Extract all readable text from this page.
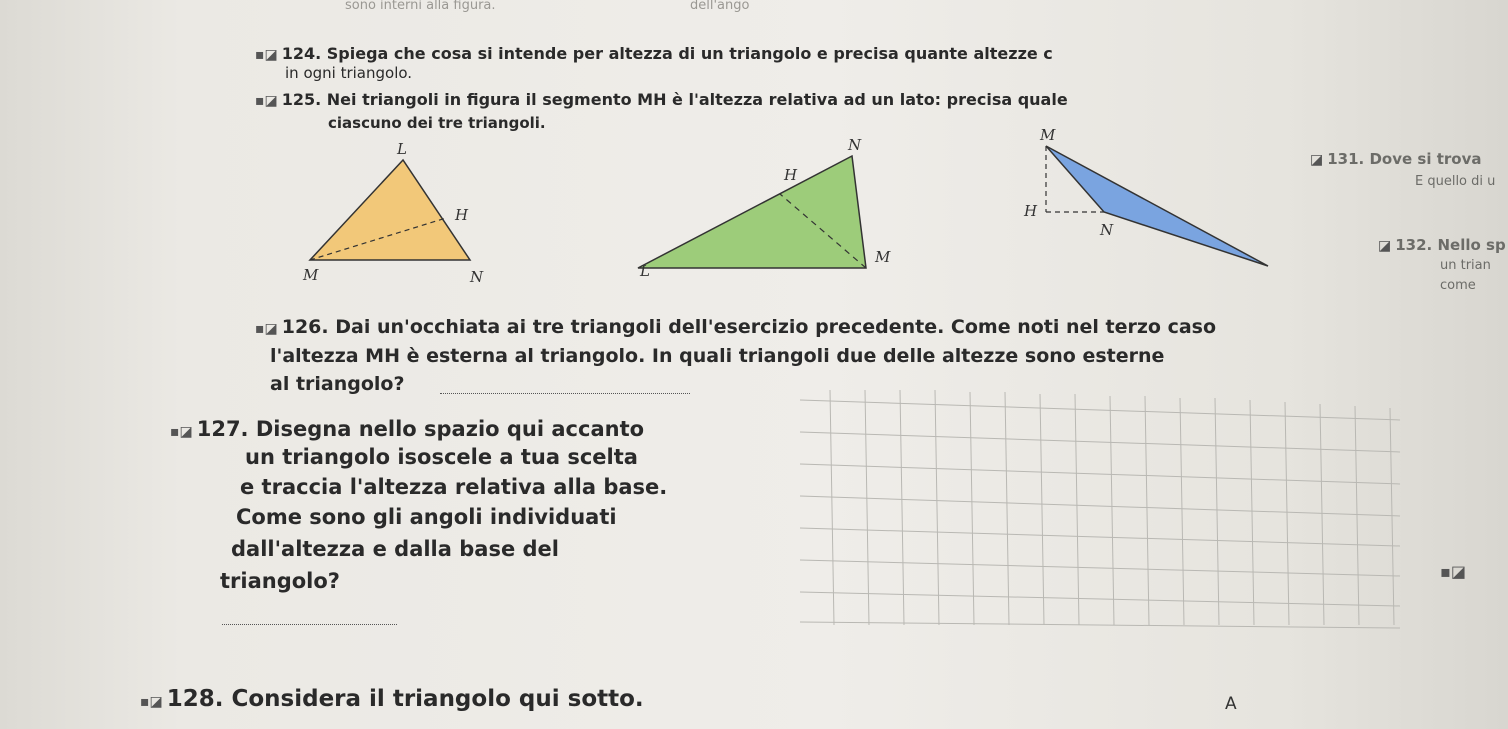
sono interni alla figura.	dell'ango
▪◪ 124. Spiega che cosa si intende per altezza di un triangolo e precisa quante altezze c
in ogni triangolo.
▪◪ 125. Nei triangoli in figura il segmento MH è l'altezza relativa ad un lato: precisa quale
ciascuno dei tre triangoli.
L
H
M	N
N
H
M
L
M
H
N
◪ 131. Dove si trova
E quello di u
◪ 132. Nello sp
un trian
come
▪◪ 126. Dai un'occhiata ai tre triangoli dell'esercizio precedente. Come noti nel terzo caso
l'altezza MH è esterna al triangolo. In quali triangoli due delle altezze sono esterne
al triangolo?
▪◪ 127. Disegna nello spazio qui accanto
un triangolo isoscele a tua scelta
e traccia l'altezza relativa alla base.
Come sono gli angoli individuati
dall'altezza e dalla base del
triangolo?	▪◪
▪◪ 128. Considera il triangolo qui sotto.	A
